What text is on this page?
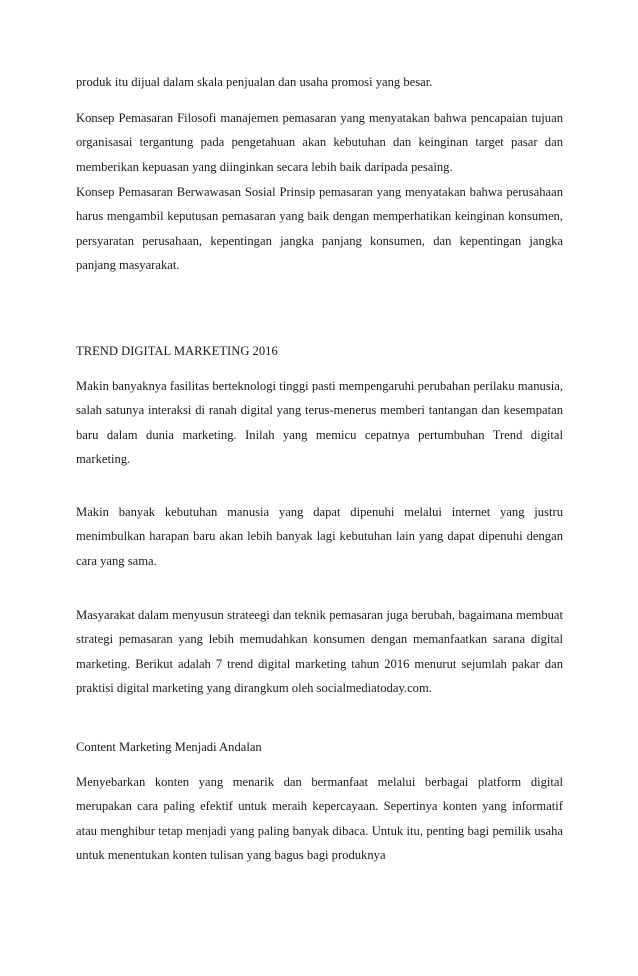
produk itu dijual dalam skala penjualan dan usaha promosi yang besar.

Konsep Pemasaran Filosofi manajemen pemasaran yang menyatakan bahwa pencapaian tujuan organisasai tergantung pada pengetahuan akan kebutuhan dan keinginan target pasar dan memberikan kepuasan yang diinginkan secara lebih baik daripada pesaing.

Konsep Pemasaran Berwawasan Sosial Prinsip pemasaran yang menyatakan bahwa perusahaan harus mengambil keputusan pemasaran yang baik dengan memperhatikan keinginan konsumen, persyaratan perusahaan, kepentingan jangka panjang konsumen, dan kepentingan jangka panjang masyarakat.

TREND DIGITAL MARKETING 2016

Makin banyaknya fasilitas berteknologi tinggi pasti mempengaruhi perubahan perilaku manusia, salah satunya interaksi di ranah digital yang terus-menerus memberi tantangan dan kesempatan baru dalam dunia marketing. Inilah yang memicu cepatnya pertumbuhan Trend digital marketing.

Makin banyak kebutuhan manusia yang dapat dipenuhi melalui internet yang justru menimbulkan harapan baru akan lebih banyak lagi kebutuhan lain yang dapat dipenuhi dengan cara yang sama.

Masyarakat dalam menyusun strateegi dan teknik pemasaran juga berubah, bagaimana membuat strategi pemasaran yang lebih memudahkan konsumen dengan memanfaatkan sarana digital marketing. Berikut adalah 7 trend digital marketing tahun 2016 menurut sejumlah pakar dan praktisi digital marketing yang dirangkum oleh socialmediatoday.com.

Content Marketing Menjadi Andalan

Menyebarkan konten yang menarik dan bermanfaat melalui berbagai platform digital merupakan cara paling efektif untuk meraih kepercayaan. Sepertinya konten yang informatif atau menghibur tetap menjadi yang paling banyak dibaca. Untuk itu, penting bagi pemilik usaha untuk menentukan konten tulisan yang bagus bagi produknya
